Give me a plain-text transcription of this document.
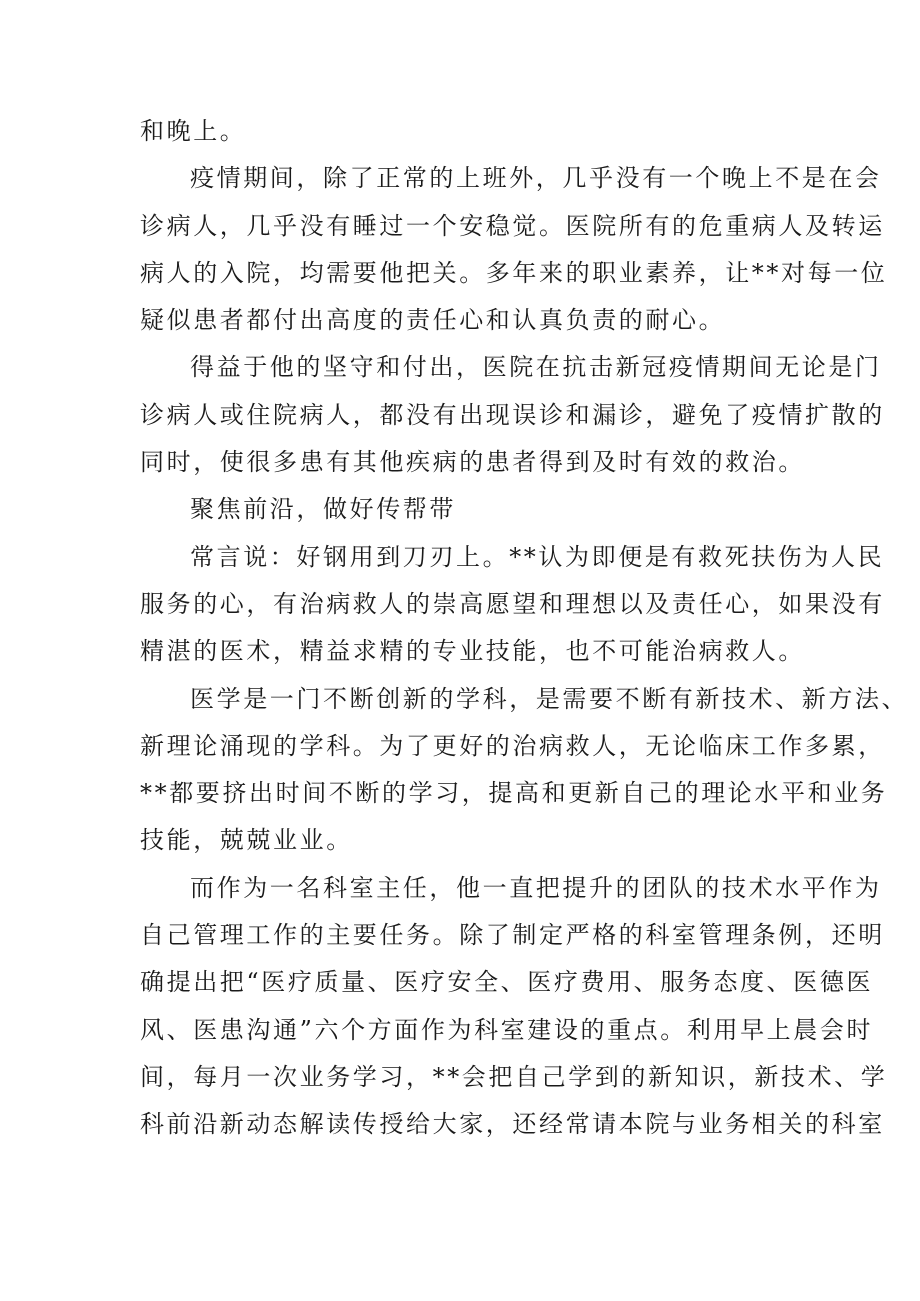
和晚上。
疫情期间，除了正常的上班外，几乎没有一个晚上不是在会
诊病人，几乎没有睡过一个安稳觉。医院所有的危重病人及转运
病人的入院，均需要他把关。多年来的职业素养，让**对每一位
疑似患者都付出高度的责任心和认真负责的耐心。
得益于他的坚守和付出，医院在抗击新冠疫情期间无论是门
诊病人或住院病人，都没有出现误诊和漏诊，避免了疫情扩散的
同时，使很多患有其他疾病的患者得到及时有效的救治。
聚焦前沿，做好传帮带
常言说：好钢用到刀刃上。**认为即便是有救死扶伤为人民
服务的心，有治病救人的崇高愿望和理想以及责任心，如果没有
精湛的医术，精益求精的专业技能，也不可能治病救人。
医学是一门不断创新的学科，是需要不断有新技术、新方法、
新理论涌现的学科。为了更好的治病救人，无论临床工作多累，
**都要挤出时间不断的学习，提高和更新自己的理论水平和业务
技能，兢兢业业。
而作为一名科室主任，他一直把提升的团队的技术水平作为
自己管理工作的主要任务。除了制定严格的科室管理条例，还明
确提出把“医疗质量、医疗安全、医疗费用、服务态度、医德医
风、医患沟通”六个方面作为科室建设的重点。利用早上晨会时
间，每月一次业务学习，**会把自己学到的新知识，新技术、学
科前沿新动态解读传授给大家，还经常请本院与业务相关的科室
